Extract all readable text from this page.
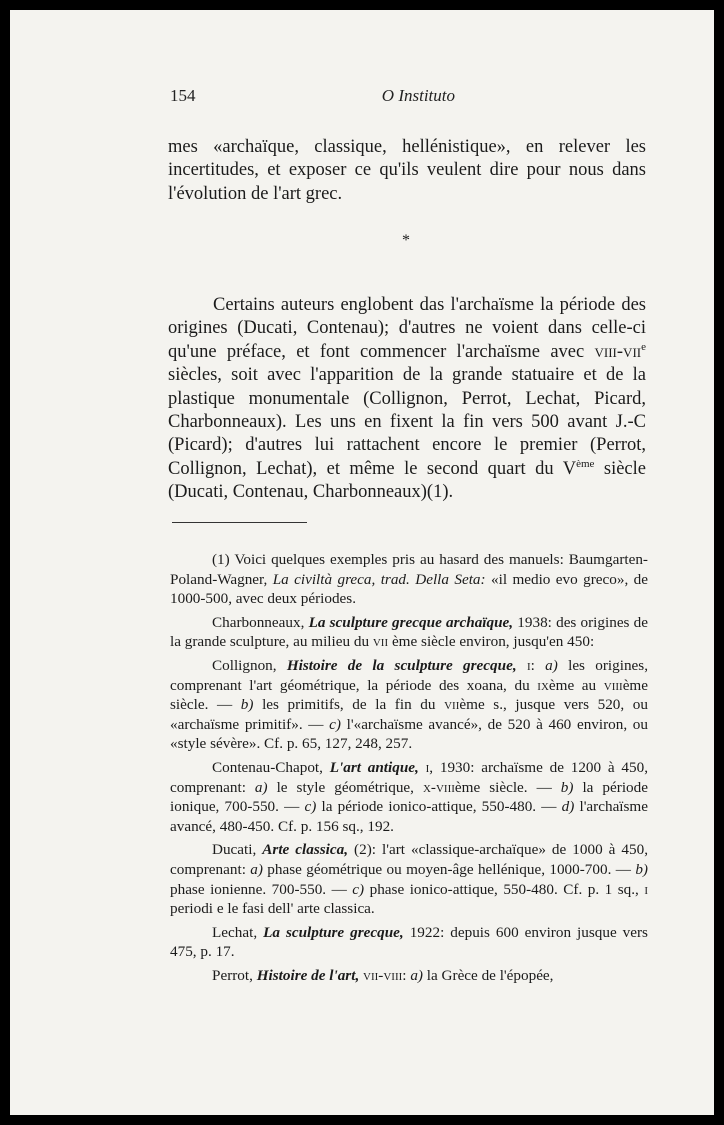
154	O Instituto
mes «archaïque, classique, hellénistique», en relever les incertitudes, et exposer ce qu'ils veulent dire pour nous dans l'évolution de l'art grec.
*
Certains auteurs englobent das l'archaïsme la période des origines (Ducati, Contenau); d'autres ne voient dans celle-ci qu'une préface, et font commencer l'archaïsme avec viii-vii$^e$ siècles, soit avec l'apparition de la grande statuaire et de la plastique monumentale (Collignon, Perrot, Lechat, Picard, Charbonneaux). Les uns en fixent la fin vers 500 avant J.-C (Picard); d'autres lui rattachent encore le premier (Perrot, Collignon, Lechat), et même le second quart du Vème siècle (Ducati, Contenau, Charbonneaux)(1).

(1) Voici quelques exemples pris au hasard des manuels: Baumgarten-Poland-Wagner, La civiltà greca, trad. Della Seta: «il medio evo greco», de 1000-500, avec deux périodes.

Charbonneaux, La sculpture grecque archaïque, 1938: des origines de la grande sculpture, au milieu du vii ème siècle environ, jusqu'en 450:

Collignon, Histoire de la sculpture grecque, i: a) les origines, comprenant l'art géométrique, la période des xoana, du ixème au viiième siècle. — b) les primitifs, de la fin du viième s., jusque vers 520, ou «archaïsme primitif». — c) l'«archaïsme avancé», de 520 à 460 environ, ou «style sévère». Cf. p. 65, 127, 248, 257.

Contenau-Chapot, L'art antique, i, 1930: archaïsme de 1200 à 450, comprenant: a) le style géométrique, x-viiième siècle. — b) la période ionique, 700-550. — c) la période ionico-attique, 550-480. — d) l'archaïsme avancé, 480-450. Cf. p. 156 sq., 192.

Ducati, Arte classica, (2): l'art «classique-archaïque» de 1000 à 450, comprenant: a) phase géométrique ou moyen-âge hellénique, 1000-700. — b) phase ionienne. 700-550. — c) phase ionico-attique, 550-480. Cf. p. 1 sq., i periodi e le fasi dell' arte classica.

Lechat, La sculpture grecque, 1922: depuis 600 environ jusque vers 475, p. 17.

Perrot, Histoire de l'art, vii-viii: a) la Grèce de l'épopée,
